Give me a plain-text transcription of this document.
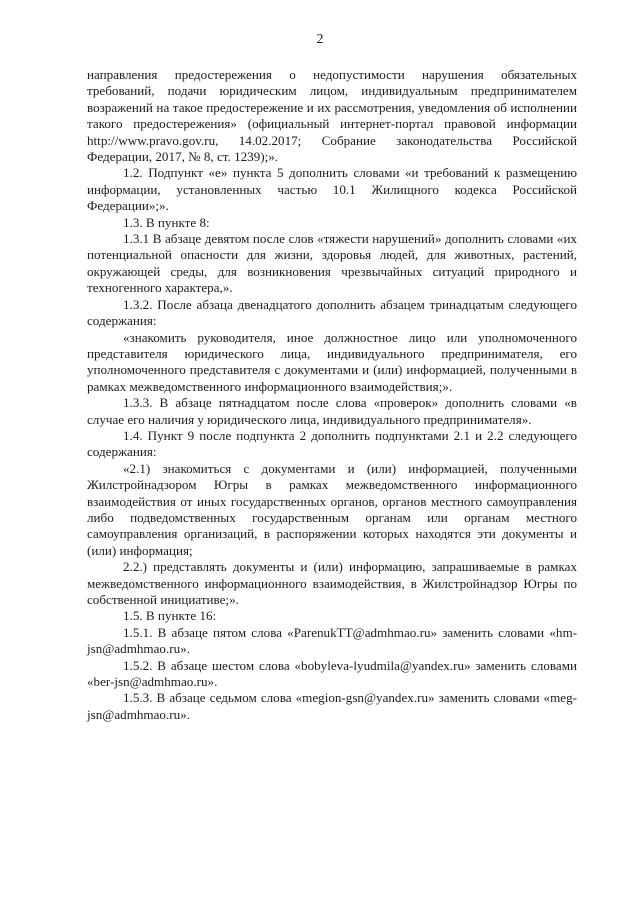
2

направления предостережения о недопустимости нарушения обязательных требований, подачи юридическим лицом, индивидуальным предпринимателем возражений на такое предостережение и их рассмотрения, уведомления об исполнении такого предостережения» (официальный интернет-портал правовой информации http://www.pravo.gov.ru, 14.02.2017; Собрание законодательства Российской Федерации, 2017, № 8, ст. 1239);».

1.2. Подпункт «е» пункта 5 дополнить словами «и требований к размещению информации, установленных частью 10.1 Жилищного кодекса Российской Федерации»;».

1.3. В пункте 8:

1.3.1 В абзаце девятом после слов «тяжести нарушений» дополнить словами «их потенциальной опасности для жизни, здоровья людей, для животных, растений, окружающей среды, для возникновения чрезвычайных ситуаций природного и техногенного характера,».

1.3.2. После абзаца двенадцатого дополнить абзацем тринадцатым следующего содержания:

«знакомить руководителя, иное должностное лицо или уполномоченного представителя юридического лица, индивидуального предпринимателя, его уполномоченного представителя с документами и (или) информацией, полученными в рамках межведомственного информационного взаимодействия;».

1.3.3. В абзаце пятнадцатом после слова «проверок» дополнить словами «в случае его наличия у юридического лица, индивидуального предпринимателя».

1.4. Пункт 9 после подпункта 2 дополнить подпунктами 2.1 и 2.2 следующего содержания:

«2.1) знакомиться с документами и (или) информацией, полученными Жилстройнадзором Югры в рамках межведомственного информационного взаимодействия от иных государственных органов, органов местного самоуправления либо подведомственных государственным органам или органам местного самоуправления организаций, в распоряжении которых находятся эти документы и (или) информация;

2.2.) представлять документы и (или) информацию, запрашиваемые в рамках межведомственного информационного взаимодействия, в Жилстройнадзор Югры по собственной инициативе;».

1.5. В пункте 16:

1.5.1. В абзаце пятом слова «ParenukTT@admhmao.ru» заменить словами «hm-jsn@admhmao.ru».

1.5.2. В абзаце шестом слова «bobyleva-lyudmila@yandex.ru» заменить словами «ber-jsn@admhmao.ru».

1.5.3. В абзаце седьмом слова «megion-gsn@yandex.ru» заменить словами «meg-jsn@admhmao.ru».
